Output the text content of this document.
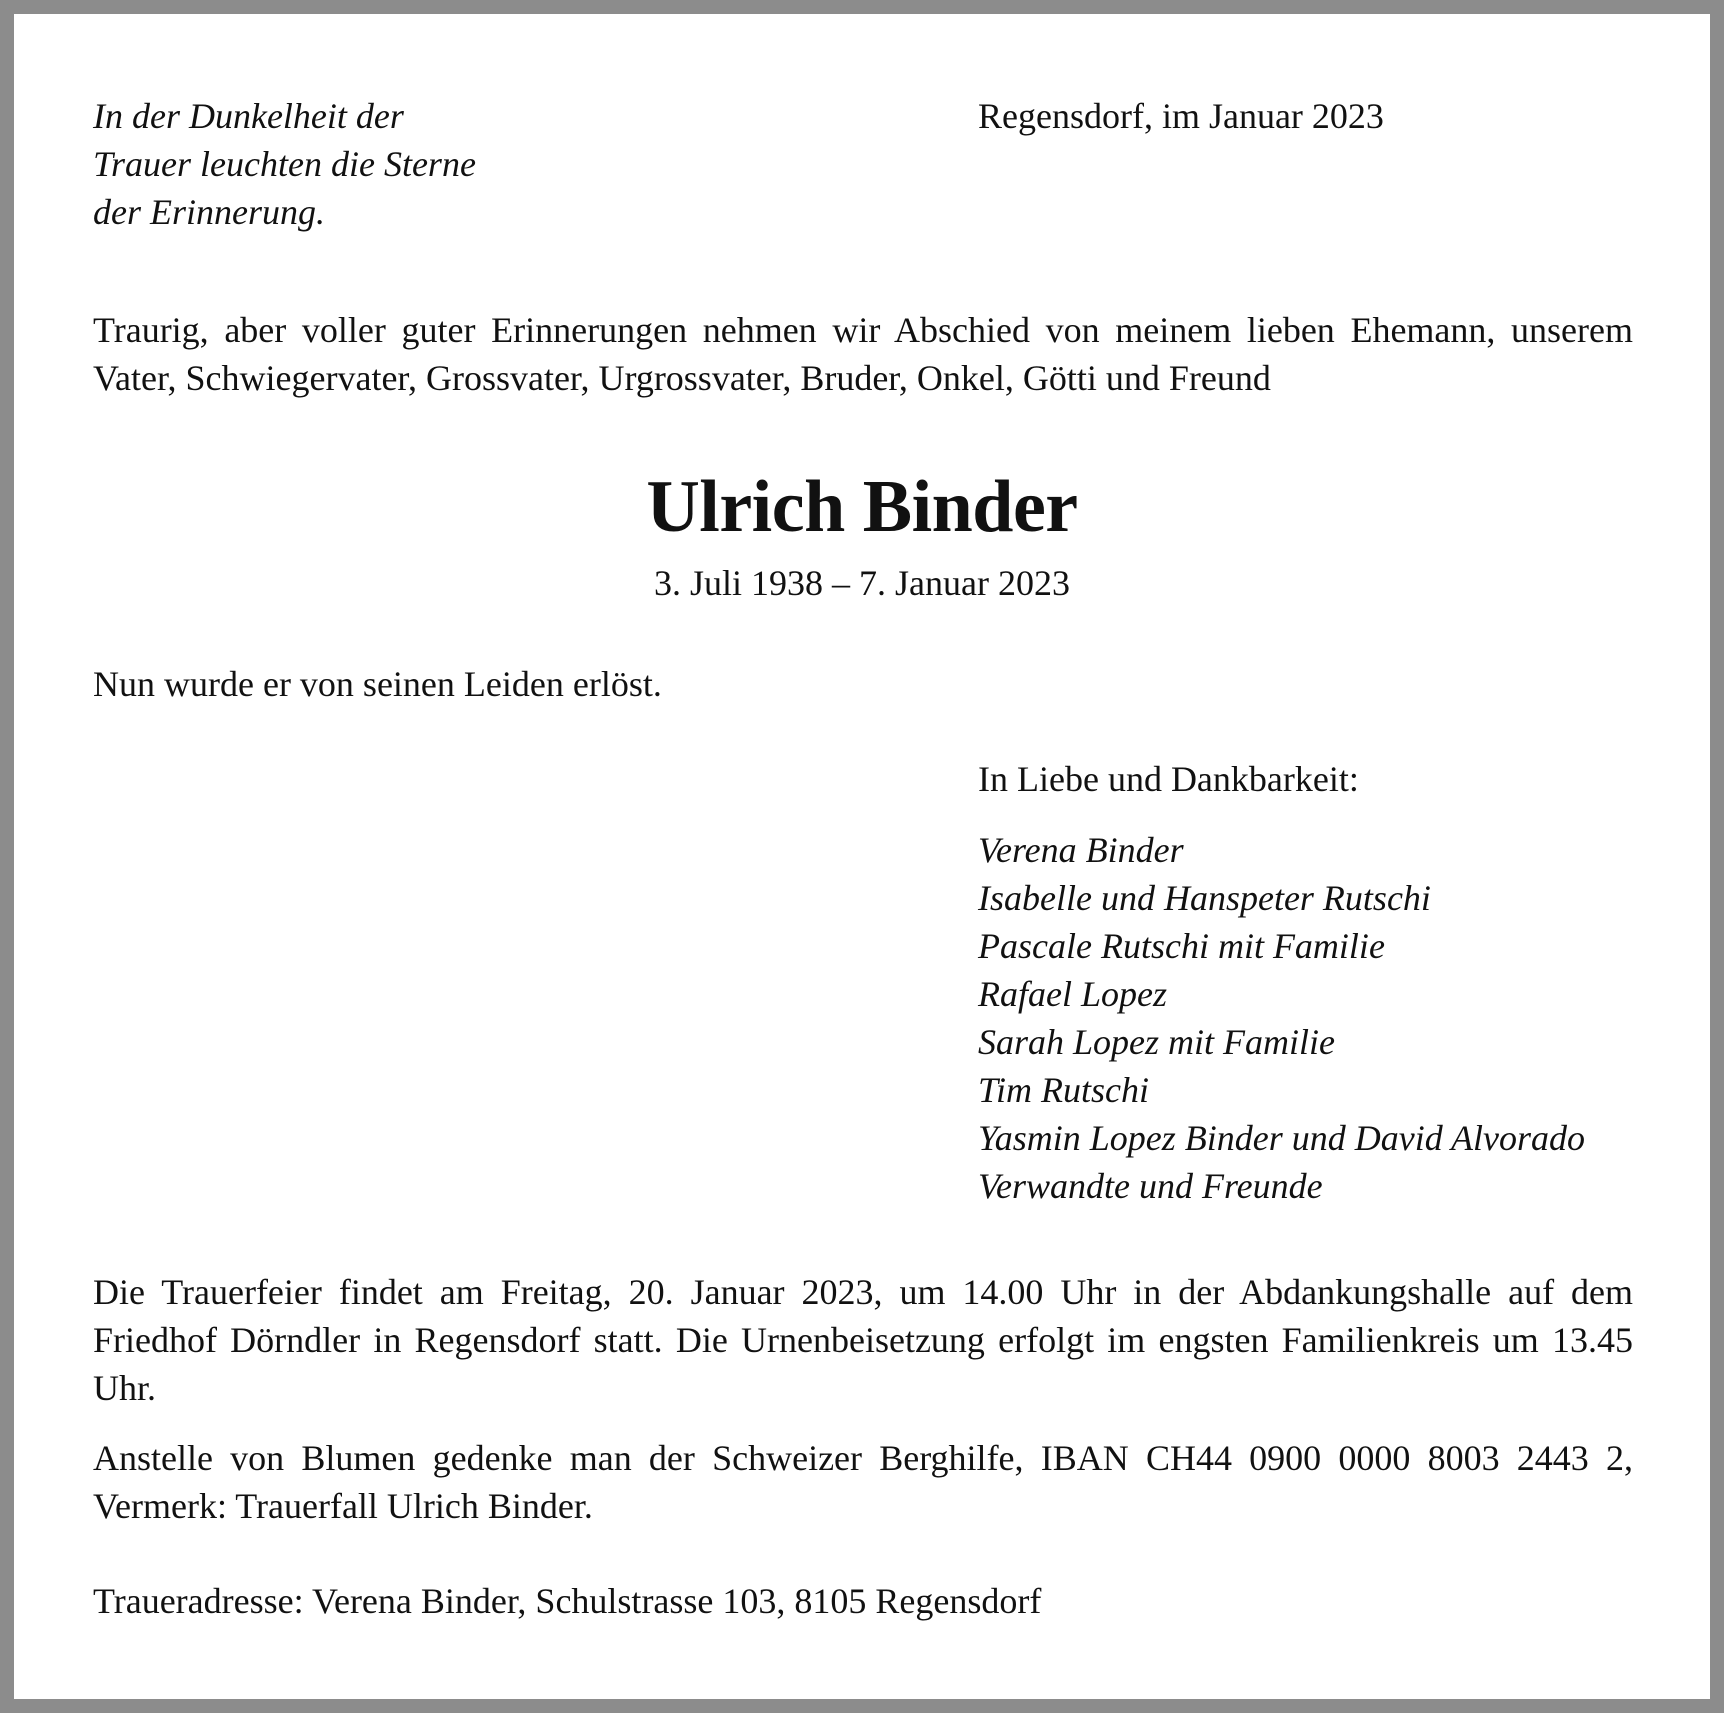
In der Dunkelheit der
Trauer leuchten die Sterne
der Erinnerung.

Regensdorf, im Januar 2023

Traurig, aber voller guter Erinnerungen nehmen wir Abschied von meinem lieben Ehemann, unserem Vater, Schwiegervater, Grossvater, Urgrossvater, Bruder, Onkel, Götti und Freund

Ulrich Binder

3. Juli 1938 – 7. Januar 2023

Nun wurde er von seinen Leiden erlöst.

In Liebe und Dankbarkeit:

Verena Binder
Isabelle und Hanspeter Rutschi
Pascale Rutschi mit Familie
Rafael Lopez
Sarah Lopez mit Familie
Tim Rutschi
Yasmin Lopez Binder und David Alvorado
Verwandte und Freunde

Die Trauerfeier findet am Freitag, 20. Januar 2023, um 14.00 Uhr in der Abdankungshalle auf dem Friedhof Dörndler in Regensdorf statt. Die Urnenbeisetzung erfolgt im engsten Familienkreis um 13.45 Uhr.

Anstelle von Blumen gedenke man der Schweizer Berghilfe, IBAN CH44 0900 0000 8003 2443 2, Vermerk: Trauerfall Ulrich Binder.

Traueradresse: Verena Binder, Schulstrasse 103, 8105 Regensdorf
